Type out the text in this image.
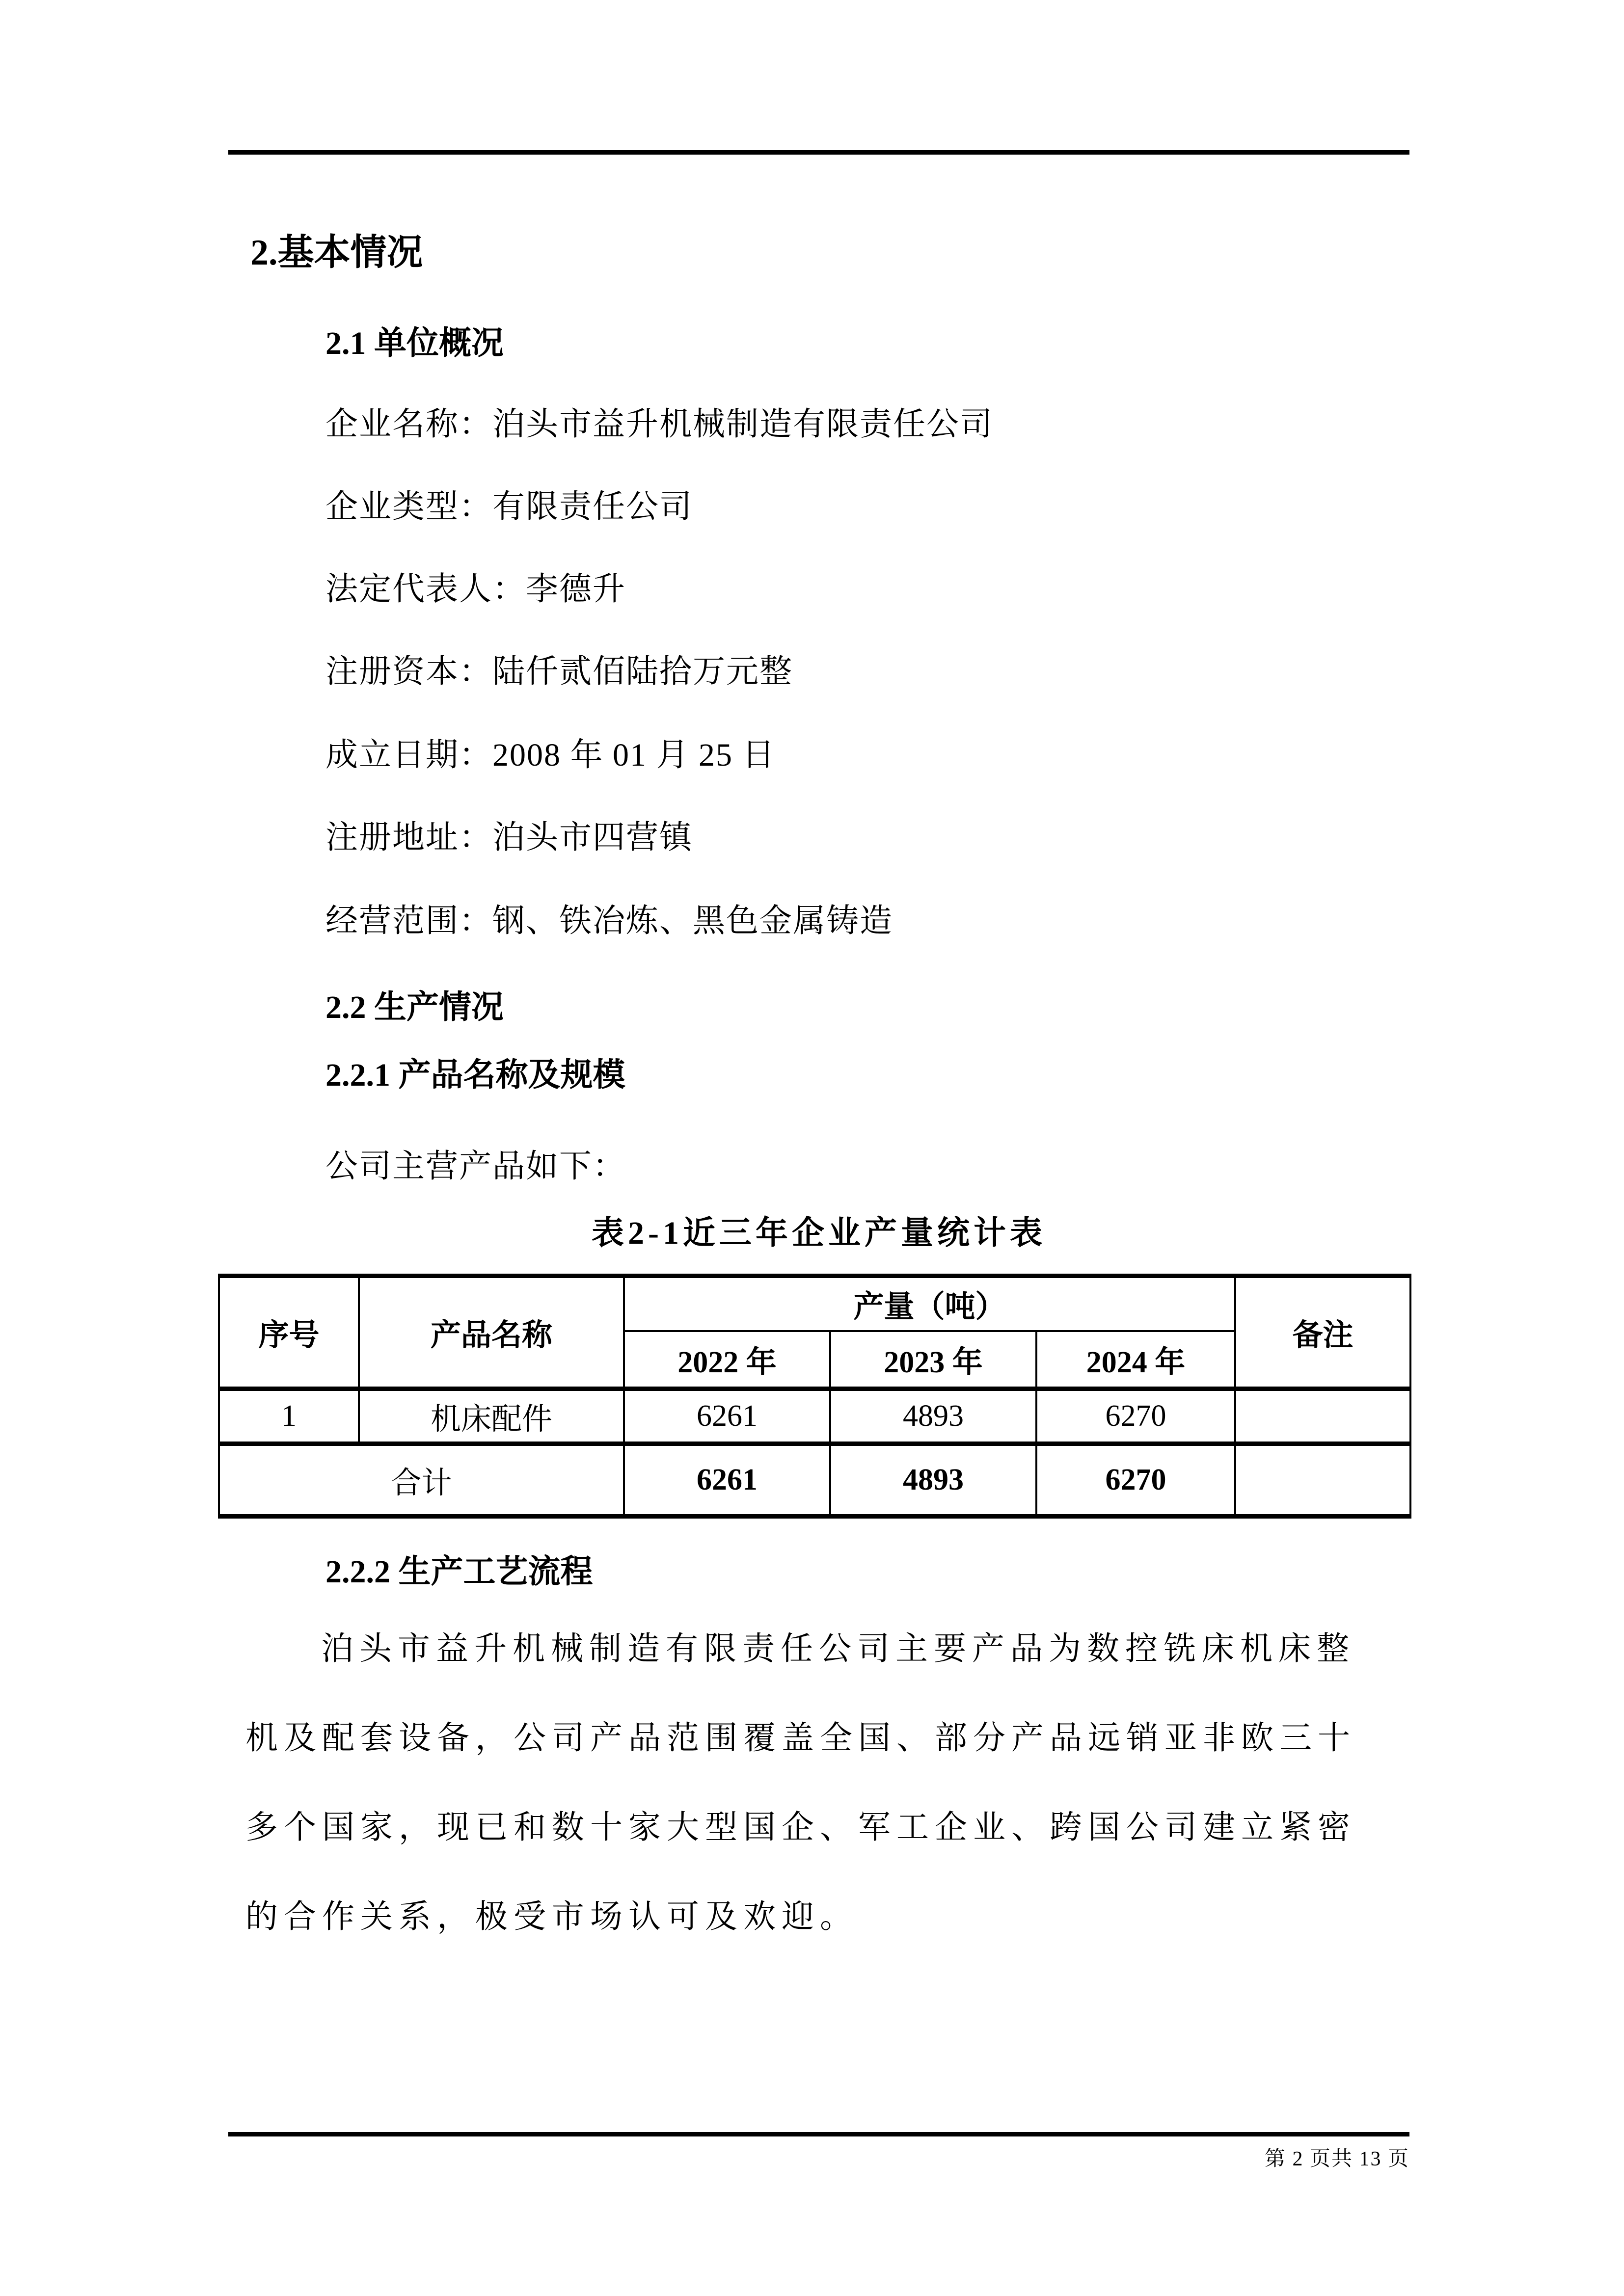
2.基本情况
2.1 单位概况
企业名称：泊头市益升机械制造有限责任公司
企业类型：有限责任公司
法定代表人：李德升
注册资本：陆仟贰佰陆拾万元整
成立日期：2008 年 01 月 25 日
注册地址：泊头市四营镇
经营范围：钢、铁冶炼、黑色金属铸造
2.2 生产情况
2.2.1 产品名称及规模
公司主营产品如下：
表2-1近三年企业产量统计表
序号	产品名称	产量（吨）			备注
		2022 年	2023 年	2024 年	
1	机床配件	6261	4893	6270	
合计		6261	4893	6270	
2.2.2 生产工艺流程
泊头市益升机械制造有限责任公司主要产品为数控铣床机床整
机及配套设备，公司产品范围覆盖全国、部分产品远销亚非欧三十
多个国家，现已和数十家大型国企、军工企业、跨国公司建立紧密
的合作关系，极受市场认可及欢迎。
第 2 页共 13 页
